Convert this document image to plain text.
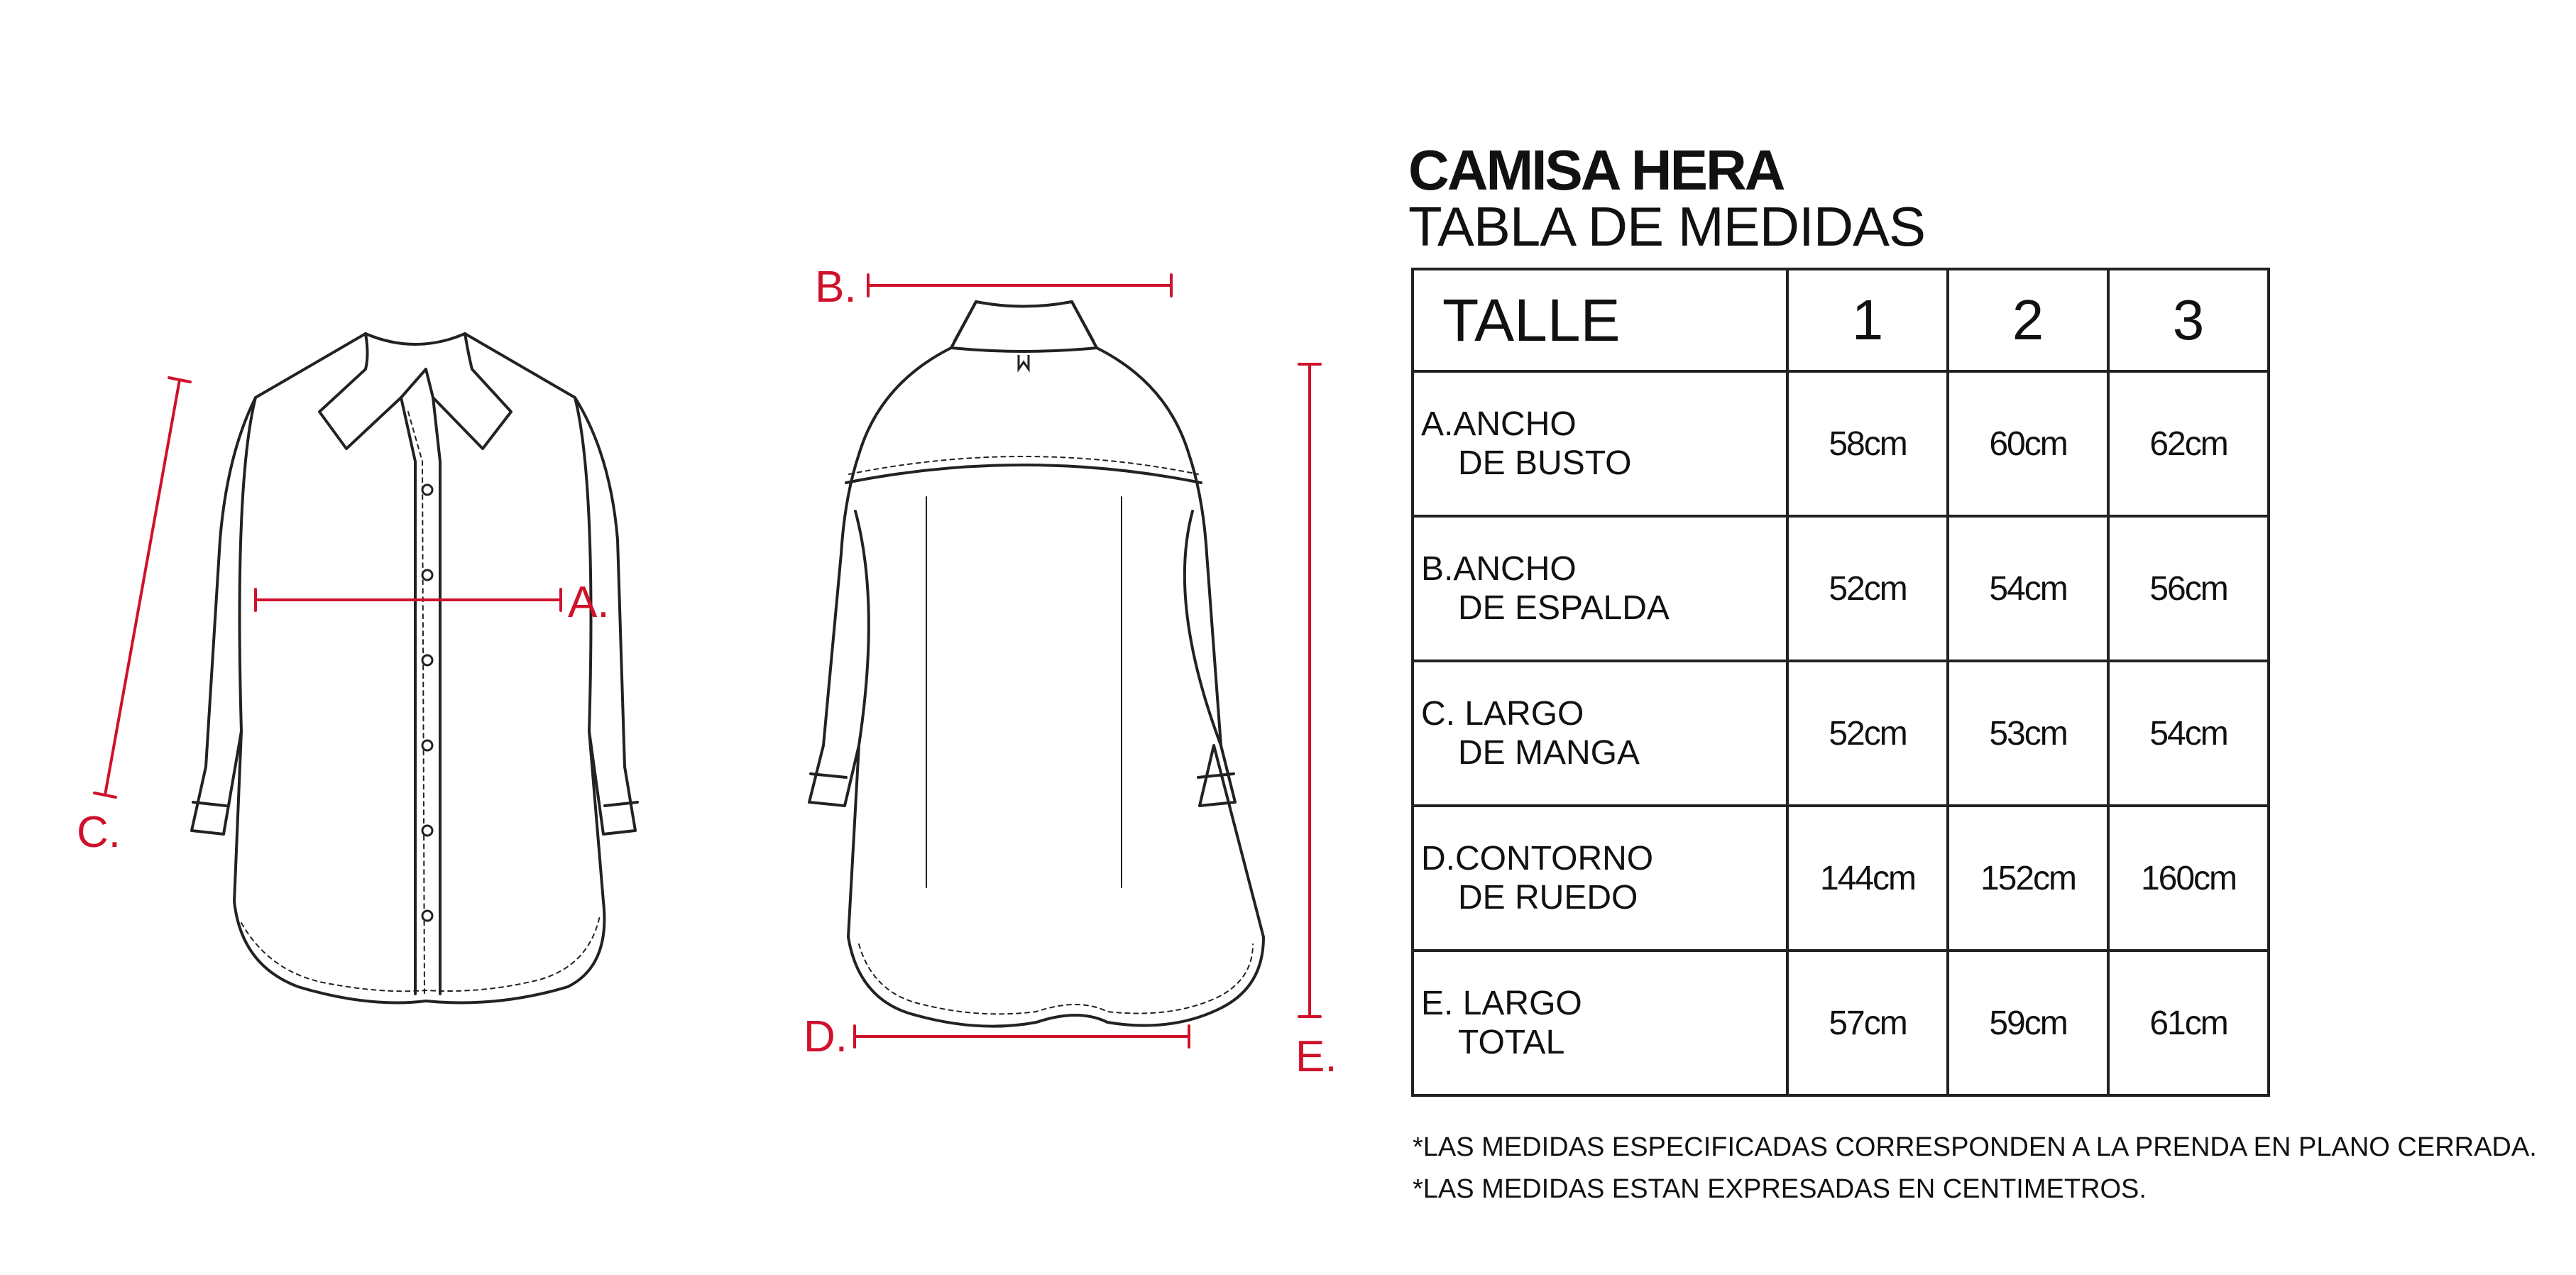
A.
B.
C.
D.	E.
CAMISA HERA
TABLA DE MEDIDAS
TALLE	1	2	3

A.ANCHO
DE BUSTO	58cm	60cm	62cm

B.ANCHO
DE ESPALDA	52cm	54cm	56cm

C. LARGO
DE MANGA	52cm	53cm	54cm

D.CONTORNO
DE RUEDO	144cm	152cm	160cm

E. LARGO
TOTAL	57cm	59cm	61cm
*LAS MEDIDAS ESPECIFICADAS CORRESPONDEN A LA PRENDA EN PLANO CERRADA.
*LAS MEDIDAS ESTAN EXPRESADAS EN CENTIMETROS.
